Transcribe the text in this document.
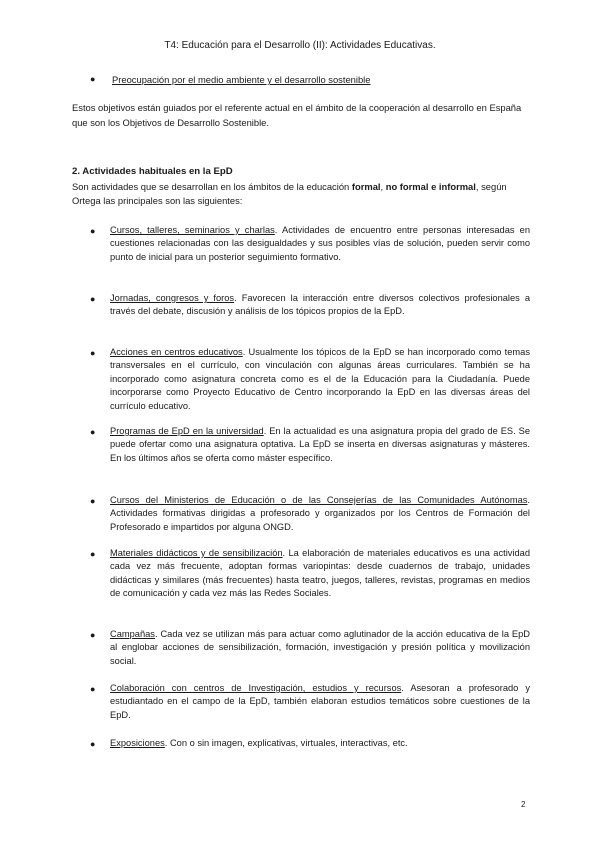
T4: Educación para el Desarrollo (II): Actividades Educativas.
● Preocupación por el medio ambiente y el desarrollo sostenible
Estos objetivos están guiados por el referente actual en el ámbito de la cooperación al desarrollo en España que son los Objetivos de Desarrollo Sostenible.
2. Actividades habituales en la EpD
Son actividades que se desarrollan en los ámbitos de la educación formal, no formal e informal, según Ortega las principales son las siguientes:
● Cursos, talleres, seminarios y charlas. Actividades de encuentro entre personas interesadas en cuestiones relacionadas con las desigualdades y sus posibles vías de solución, pueden servir como punto de inicial para un posterior seguimiento formativo.
● Jornadas, congresos y foros. Favorecen la interacción entre diversos colectivos profesionales a través del debate, discusión y análisis de los tópicos propios de la EpD.
● Acciones en centros educativos. Usualmente los tópicos de la EpD se han incorporado como temas transversales en el currículo, con vinculación con algunas áreas curriculares. También se ha incorporado como asignatura concreta como es el de la Educación para la Ciudadanía. Puede incorporarse como Proyecto Educativo de Centro incorporando la EpD en las diversas áreas del currículo educativo.
● Programas de EpD en la universidad. En la actualidad es una asignatura propia del grado de ES. Se puede ofertar como una asignatura optativa. La EpD se inserta en diversas asignaturas y másteres. En los últimos años se oferta como máster específico.
● Cursos del Ministerios de Educación o de las Consejerías de las Comunidades Autónomas. Actividades formativas dirigidas a profesorado y organizados por los Centros de Formación del Profesorado e impartidos por alguna ONGD.
● Materiales didácticos y de sensibilización. La elaboración de materiales educativos es una actividad cada vez más frecuente, adoptan formas variopintas: desde cuadernos de trabajo, unidades didácticas y similares (más frecuentes) hasta teatro, juegos, talleres, revistas, programas en medios de comunicación y cada vez más las Redes Sociales.
● Campañas. Cada vez se utilizan más para actuar como aglutinador de la acción educativa de la EpD al englobar acciones de sensibilización, formación, investigación y presión política y movilización social.
● Colaboración con centros de Investigación, estudios y recursos. Asesoran a profesorado y estudiantado en el campo de la EpD, también elaboran estudios temáticos sobre cuestiones de la EpD.
● Exposiciones. Con o sin imagen, explicativas, virtuales, interactivas, etc.
2
